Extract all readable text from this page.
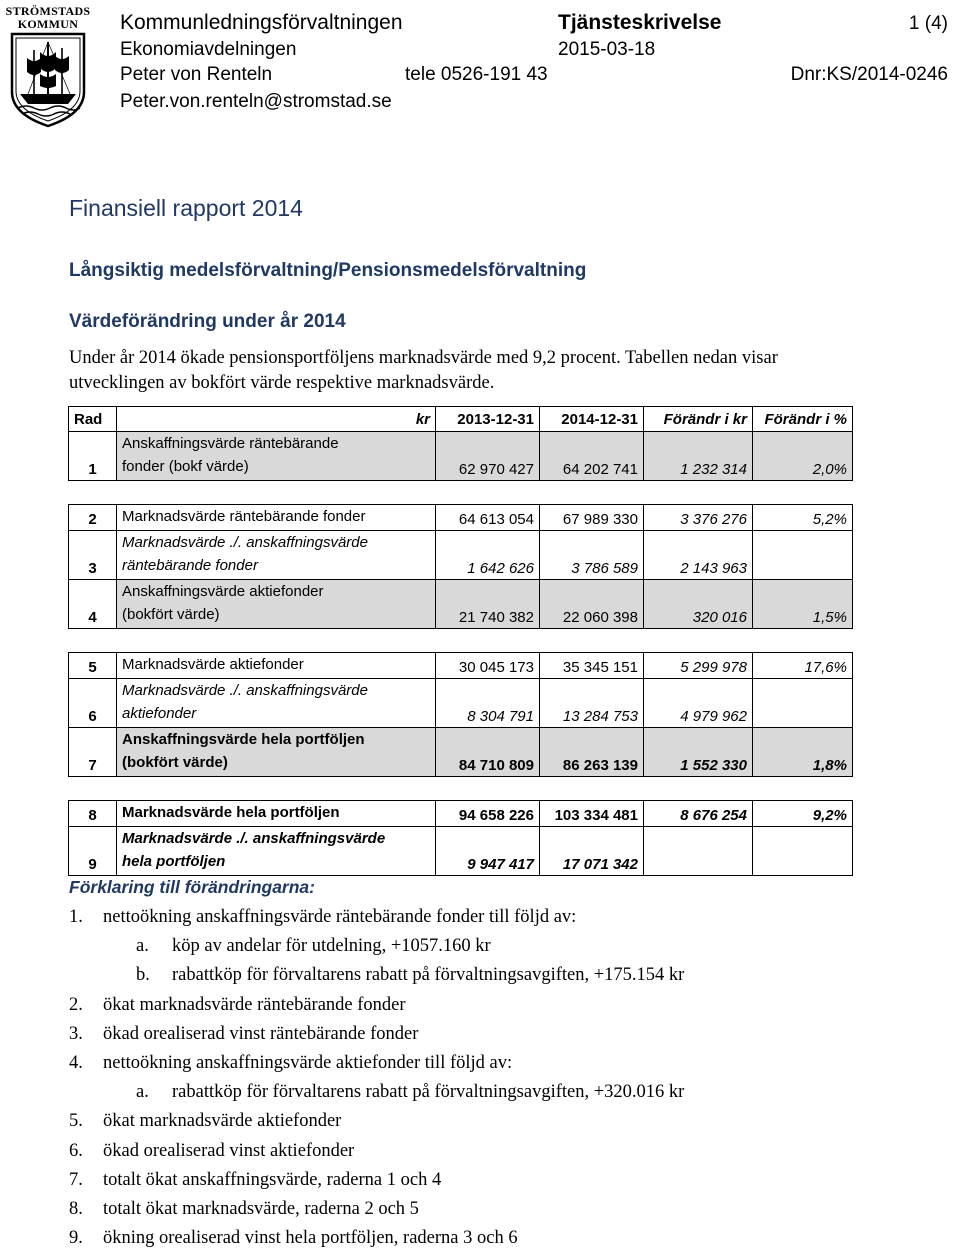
STRÖMSTADS
KOMMUN	Kommunledningsförvaltningen	Tjänsteskrivelse	1 (4)
Ekonomiavdelningen	2015-03-18
Peter von Renteln	tele 0526-191 43	Dnr:KS/2014-0246
Peter.von.renteln@stromstad.se
Finansiell rapport 2014
Långsiktig medelsförvaltning/Pensionsmedelsförvaltning
Värdeförändring under år 2014
Under år 2014 ökade pensionsportföljens marknadsvärde med 9,2 procent. Tabellen nedan visar
utvecklingen av bokfört värde respektive marknadsvärde.
Rad	kr	2013-12-31	2014-12-31	Förändr i kr	Förändr i %
1	Anskaffningsvärde räntebärande
fonder (bokf värde)	62 970 427	64 202 741	1 232 314	2,0%

2	Marknadsvärde räntebärande fonder	64 613 054	67 989 330	3 376 276	5,2%
3	Marknadsvärde ./. anskaffningsvärde
räntebärande fonder	1 642 626	3 786 589	2 143 963	
4	Anskaffningsvärde aktiefonder
(bokfört värde)	21 740 382	22 060 398	320 016	1,5%

5	Marknadsvärde aktiefonder	30 045 173	35 345 151	5 299 978	17,6%
6	Marknadsvärde ./. anskaffningsvärde
aktiefonder	8 304 791	13 284 753	4 979 962	
7	Anskaffningsvärde hela portföljen
(bokfört värde)	84 710 809	86 263 139	1 552 330	1,8%

8	Marknadsvärde hela portföljen	94 658 226	103 334 481	8 676 254	9,2%
9	Marknadsvärde ./. anskaffningsvärde
hela portföljen	9 947 417	17 071 342		
Förklaring till förändringarna:
1. nettoökning anskaffningsvärde räntebärande fonder till följd av:
a. köp av andelar för utdelning, +1057.160 kr
b. rabattköp för förvaltarens rabatt på förvaltningsavgiften, +175.154 kr
2. ökat marknadsvärde räntebärande fonder
3. ökad orealiserad vinst räntebärande fonder
4. nettoökning anskaffningsvärde aktiefonder till följd av:
a. rabattköp för förvaltarens rabatt på förvaltningsavgiften, +320.016 kr
5. ökat marknadsvärde aktiefonder
6. ökad orealiserad vinst aktiefonder
7. totalt ökat anskaffningsvärde, raderna 1 och 4
8. totalt ökat marknadsvärde, raderna 2 och 5
9. ökning orealiserad vinst hela portföljen, raderna 3 och 6
